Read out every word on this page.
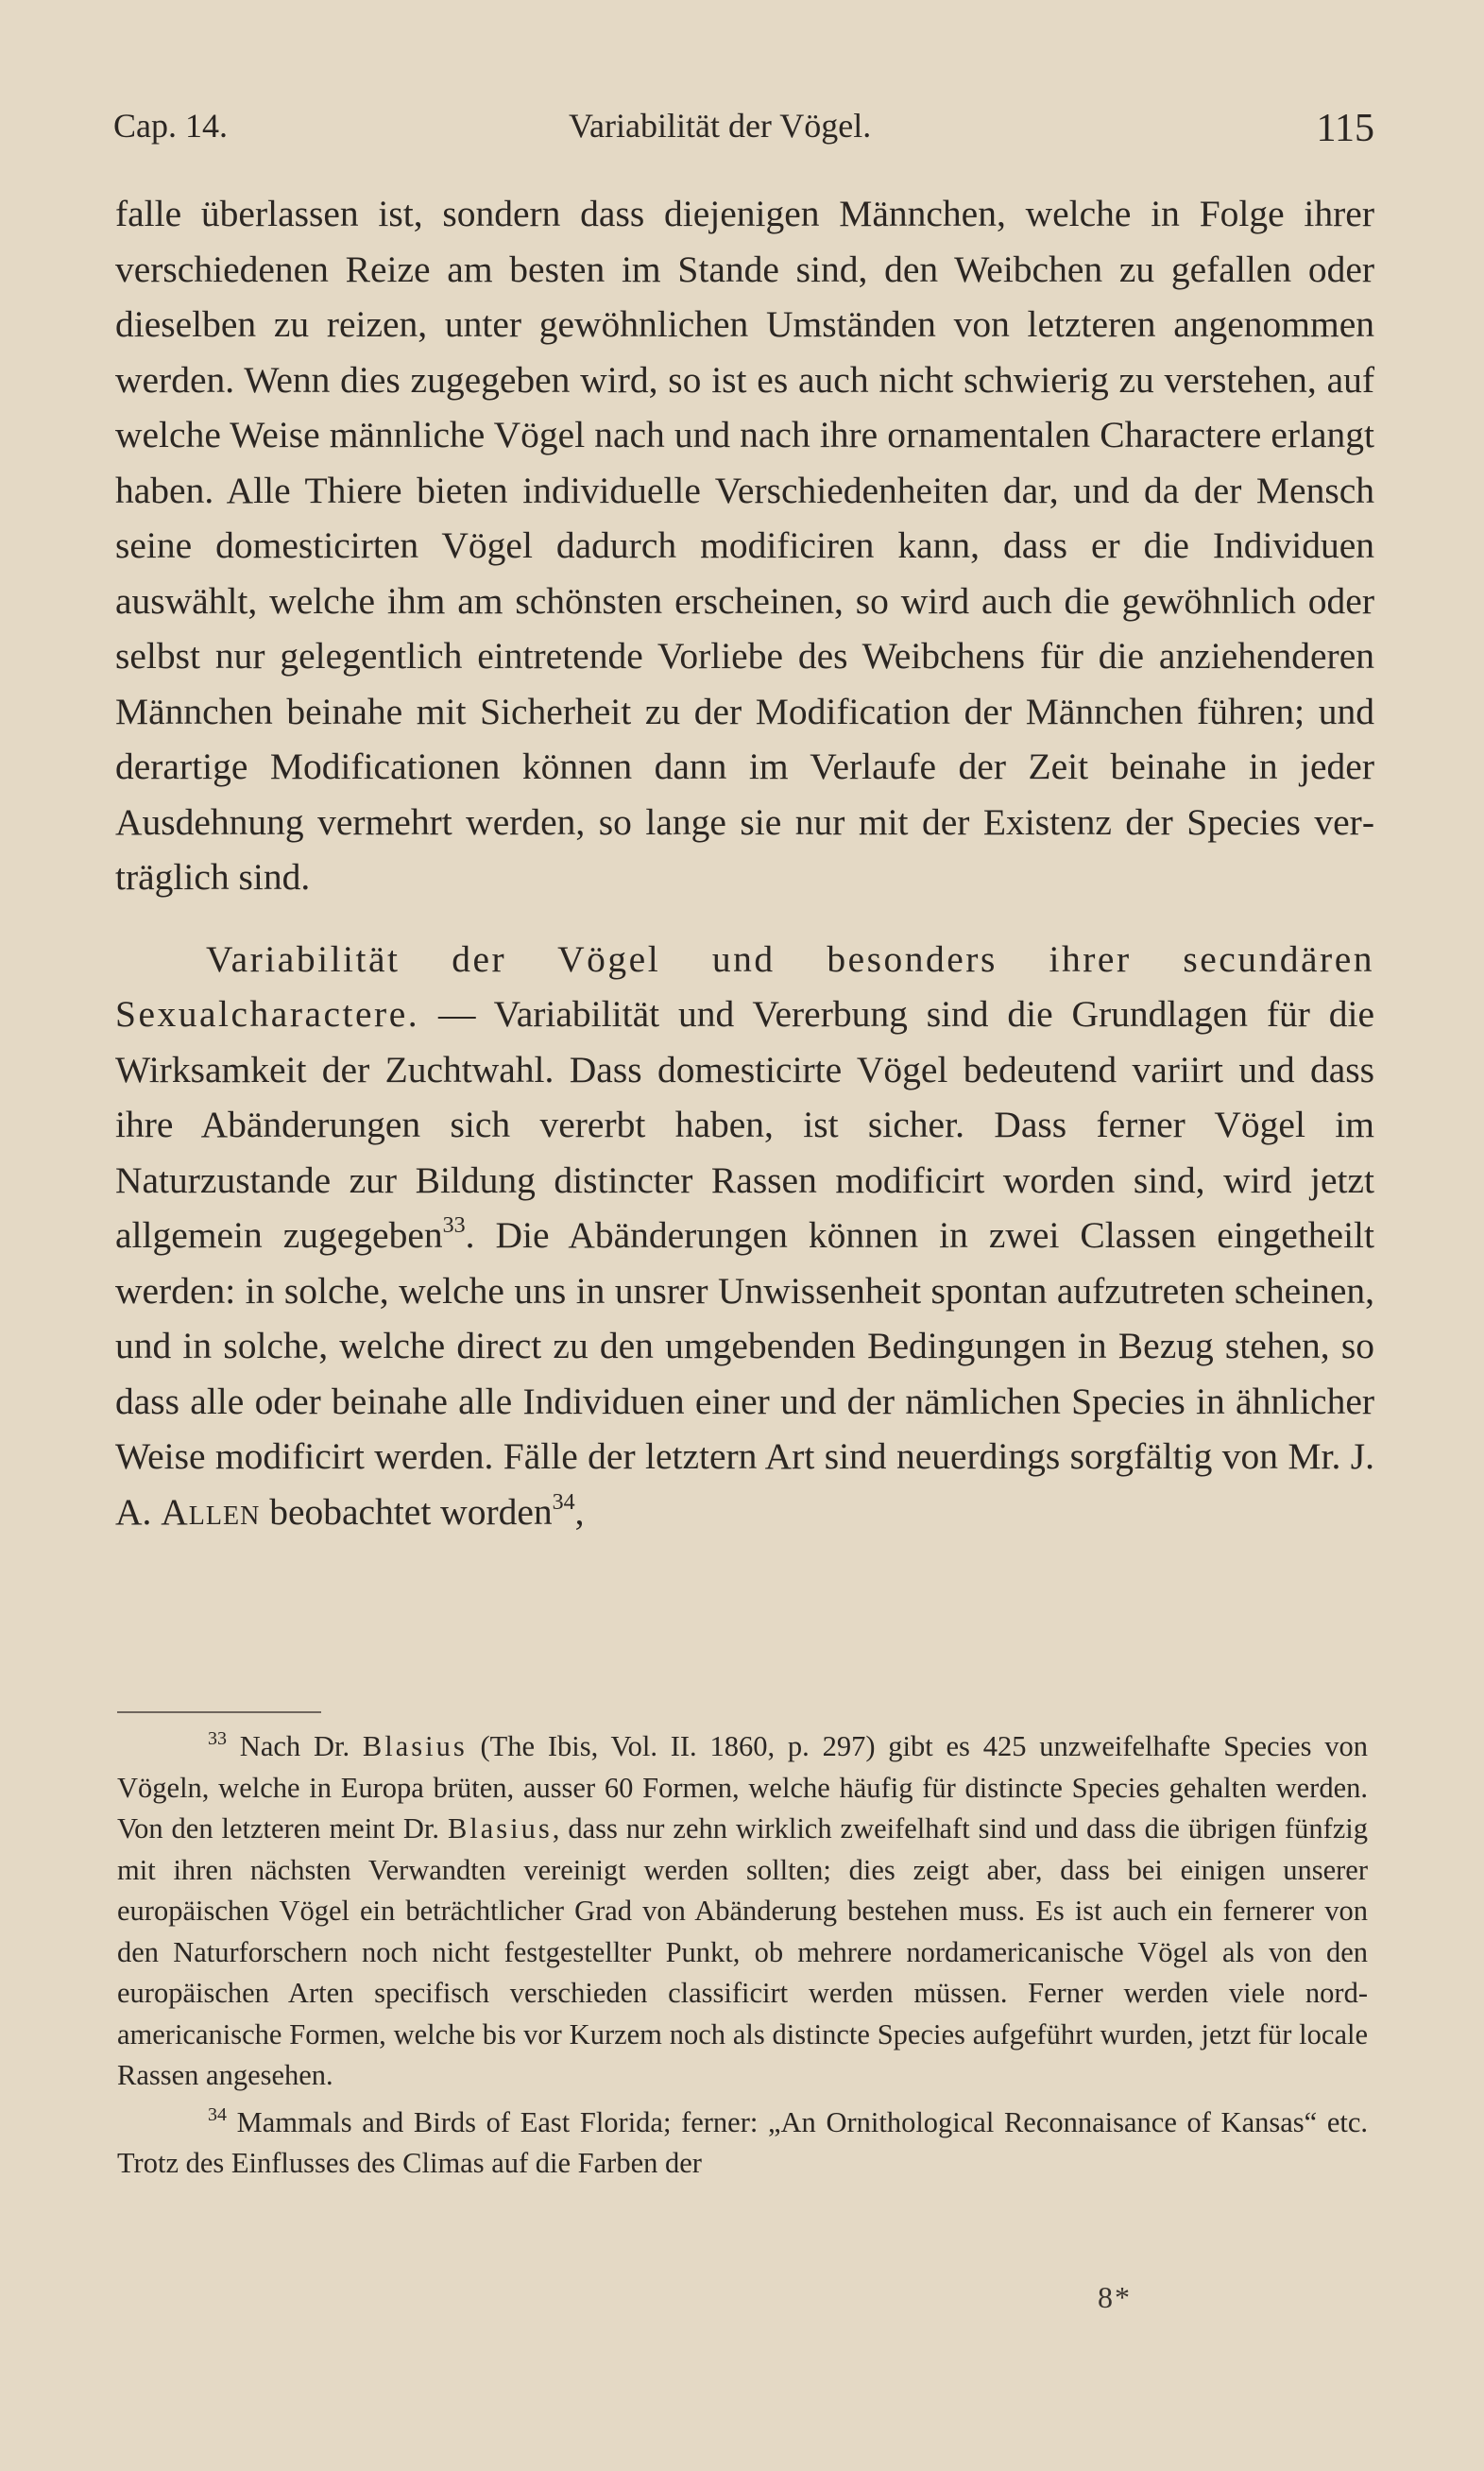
Cap. 14.	Variabilität der Vögel.	115

falle überlassen ist, sondern dass diejenigen Männchen, welche in Folge ihrer verschiedenen Reize am besten im Stande sind, den Weibchen zu gefallen oder dieselben zu reizen, unter gewöhnlichen Umständen von letzteren angenommen werden. Wenn dies zugegeben wird, so ist es auch nicht schwierig zu verstehen, auf welche Weise männliche Vögel nach und nach ihre ornamentalen Charactere erlangt haben. Alle Thiere bieten individuelle Verschiedenheiten dar, und da der Mensch seine domesticirten Vögel dadurch modificiren kann, dass er die Individuen auswählt, welche ihm am schönsten erscheinen, so wird auch die gewöhnlich oder selbst nur gelegentlich eintretende Vorliebe des Weibchens für die anziehenderen Männchen beinahe mit Sicherheit zu der Modification der Männchen führen; und derartige Modificationen können dann im Verlaufe der Zeit beinahe in jeder Ausdehnung vermehrt werden, so lange sie nur mit der Existenz der Species verträglich sind.

Variabilität der Vögel und besonders ihrer secundären Sexualcharactere. — Variabilität und Vererbung sind die Grundlagen für die Wirksamkeit der Zuchtwahl. Dass domesticirte Vögel bedeutend variirt und dass ihre Abänderungen sich vererbt haben, ist sicher. Dass ferner Vögel im Naturzustande zur Bildung distincter Rassen modificirt worden sind, wird jetzt allgemein zugegeben$^{33}$. Die Abänderungen können in zwei Classen eingetheilt werden: in solche, welche uns in unsrer Unwissenheit spontan aufzutreten scheinen, und in solche, welche direct zu den umgebenden Bedingungen in Bezug stehen, so dass alle oder beinahe alle Individuen einer und der nämlichen Species in ähnlicher Weise modificirt werden. Fälle der letztern Art sind neuerdings sorgfältig von Mr. J. A. Allen beobachtet worden$^{34}$,

$^{33}$ Nach Dr. Blasius (The Ibis, Vol. II. 1860, p. 297) gibt es 425 unzweifelhafte Species von Vögeln, welche in Europa brüten, ausser 60 Formen, welche häufig für distincte Species gehalten werden. Von den letzteren meint Dr. Blasius, dass nur zehn wirklich zweifelhaft sind und dass die übrigen fünfzig mit ihren nächsten Verwandten vereinigt werden sollten; dies zeigt aber, dass bei einigen unserer europäischen Vögel ein beträchtlicher Grad von Abänderung bestehen muss. Es ist auch ein fernerer von den Naturforschern noch nicht festgestellter Punkt, ob mehrere nordamericanische Vögel als von den europäischen Arten specifisch verschieden classificirt werden müssen. Ferner werden viele nordamericanische Formen, welche bis vor Kurzem noch als distincte Species aufgeführt wurden, jetzt für locale Rassen angesehen.

$^{34}$ Mammals and Birds of East Florida; ferner: „An Ornithological Reconnaisance of Kansas“ etc. Trotz des Einflusses des Climas auf die Farben der

8*
